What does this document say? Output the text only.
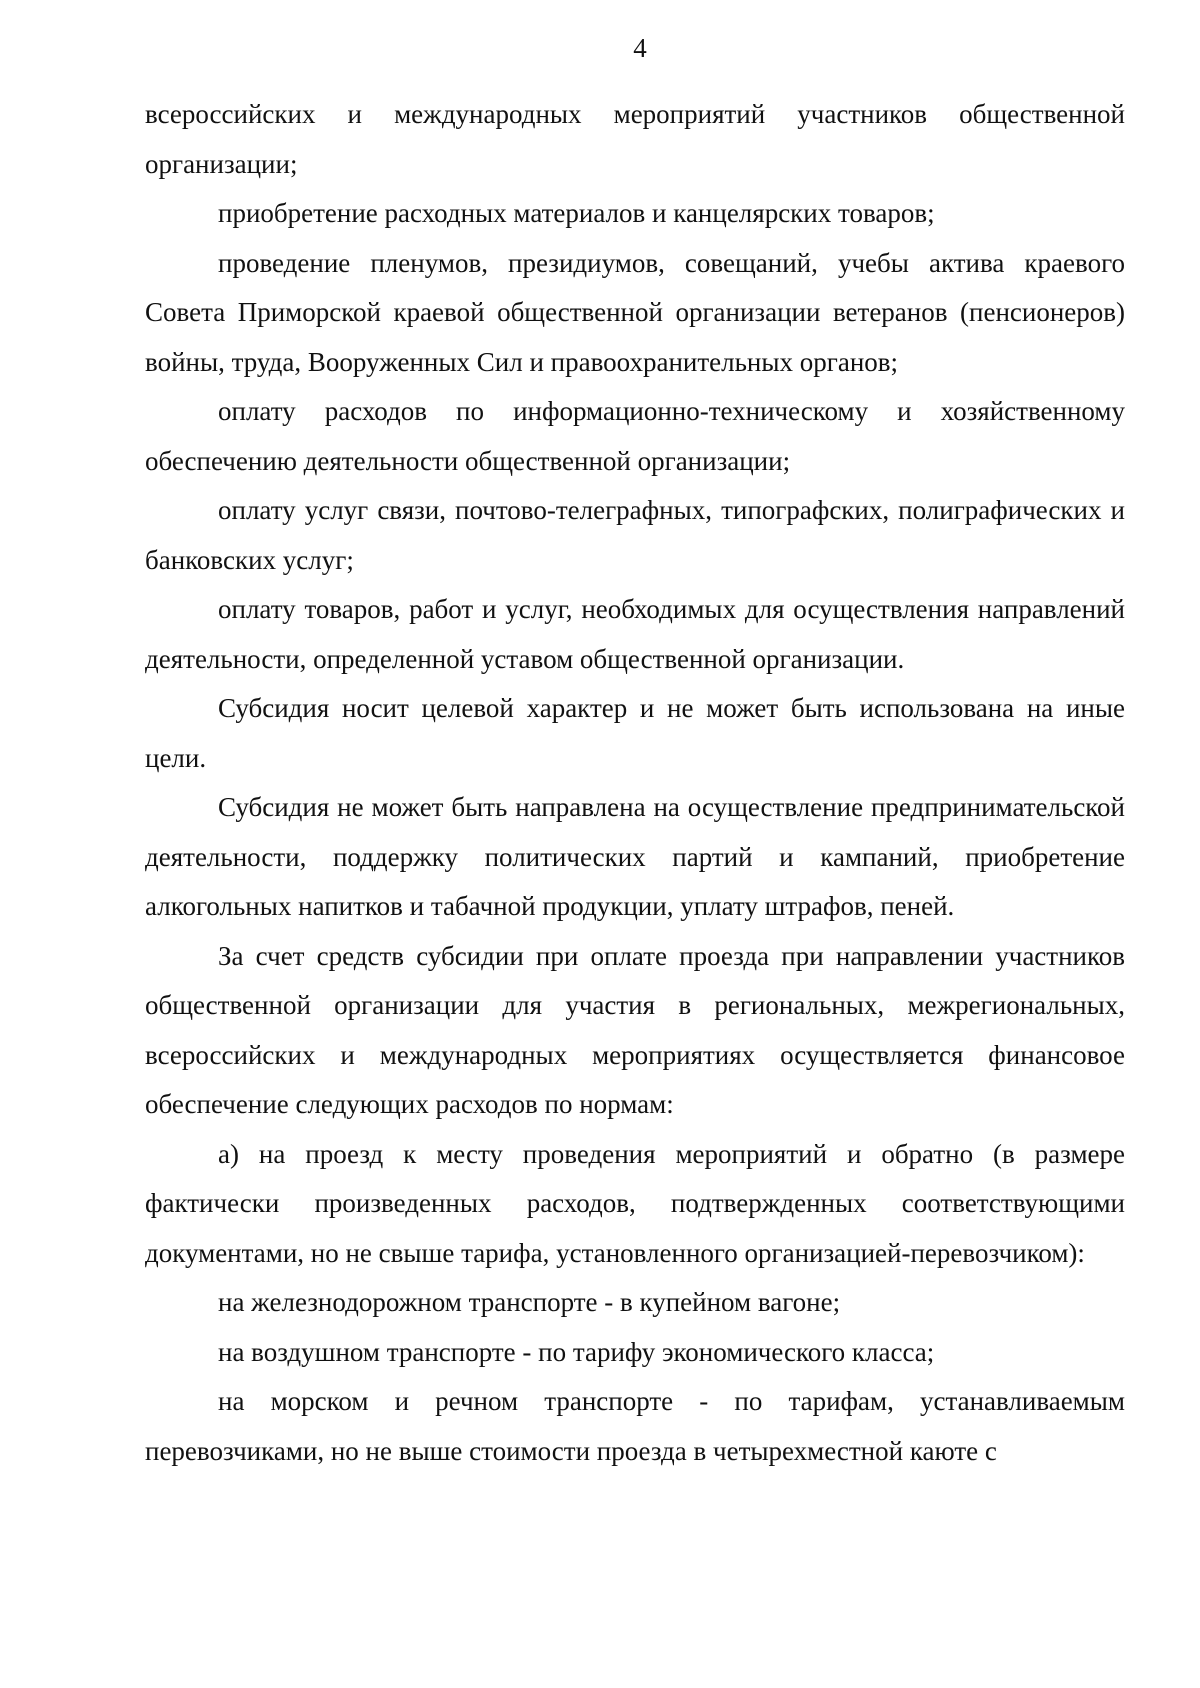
4

всероссийских и международных мероприятий участников общественной организации;

приобретение расходных материалов и канцелярских товаров;

проведение пленумов, президиумов, совещаний, учебы актива краевого Совета Приморской краевой общественной организации ветеранов (пенсионеров) войны, труда, Вооруженных Сил и правоохранительных органов;

оплату расходов по информационно-техническому и хозяйственному обеспечению деятельности общественной организации;

оплату услуг связи, почтово-телеграфных, типографских, полиграфических и банковских услуг;

оплату товаров, работ и услуг, необходимых для осуществления направлений деятельности, определенной уставом общественной организации.

Субсидия носит целевой характер и не может быть использована на иные цели.

Субсидия не может быть направлена на осуществление предпринимательской деятельности, поддержку политических партий и кампаний, приобретение алкогольных напитков и табачной продукции, уплату штрафов, пеней.

За счет средств субсидии при оплате проезда при направлении участников общественной организации для участия в региональных, межрегиональных, всероссийских и международных мероприятиях осуществляется финансовое обеспечение следующих расходов по нормам:

а) на проезд к месту проведения мероприятий и обратно (в размере фактически произведенных расходов, подтвержденных соответствующими документами, но не свыше тарифа, установленного организацией-перевозчиком):

на железнодорожном транспорте - в купейном вагоне;

на воздушном транспорте - по тарифу экономического класса;

на морском и речном транспорте - по тарифам, устанавливаемым перевозчиками, но не выше стоимости проезда в четырехместной каюте с
